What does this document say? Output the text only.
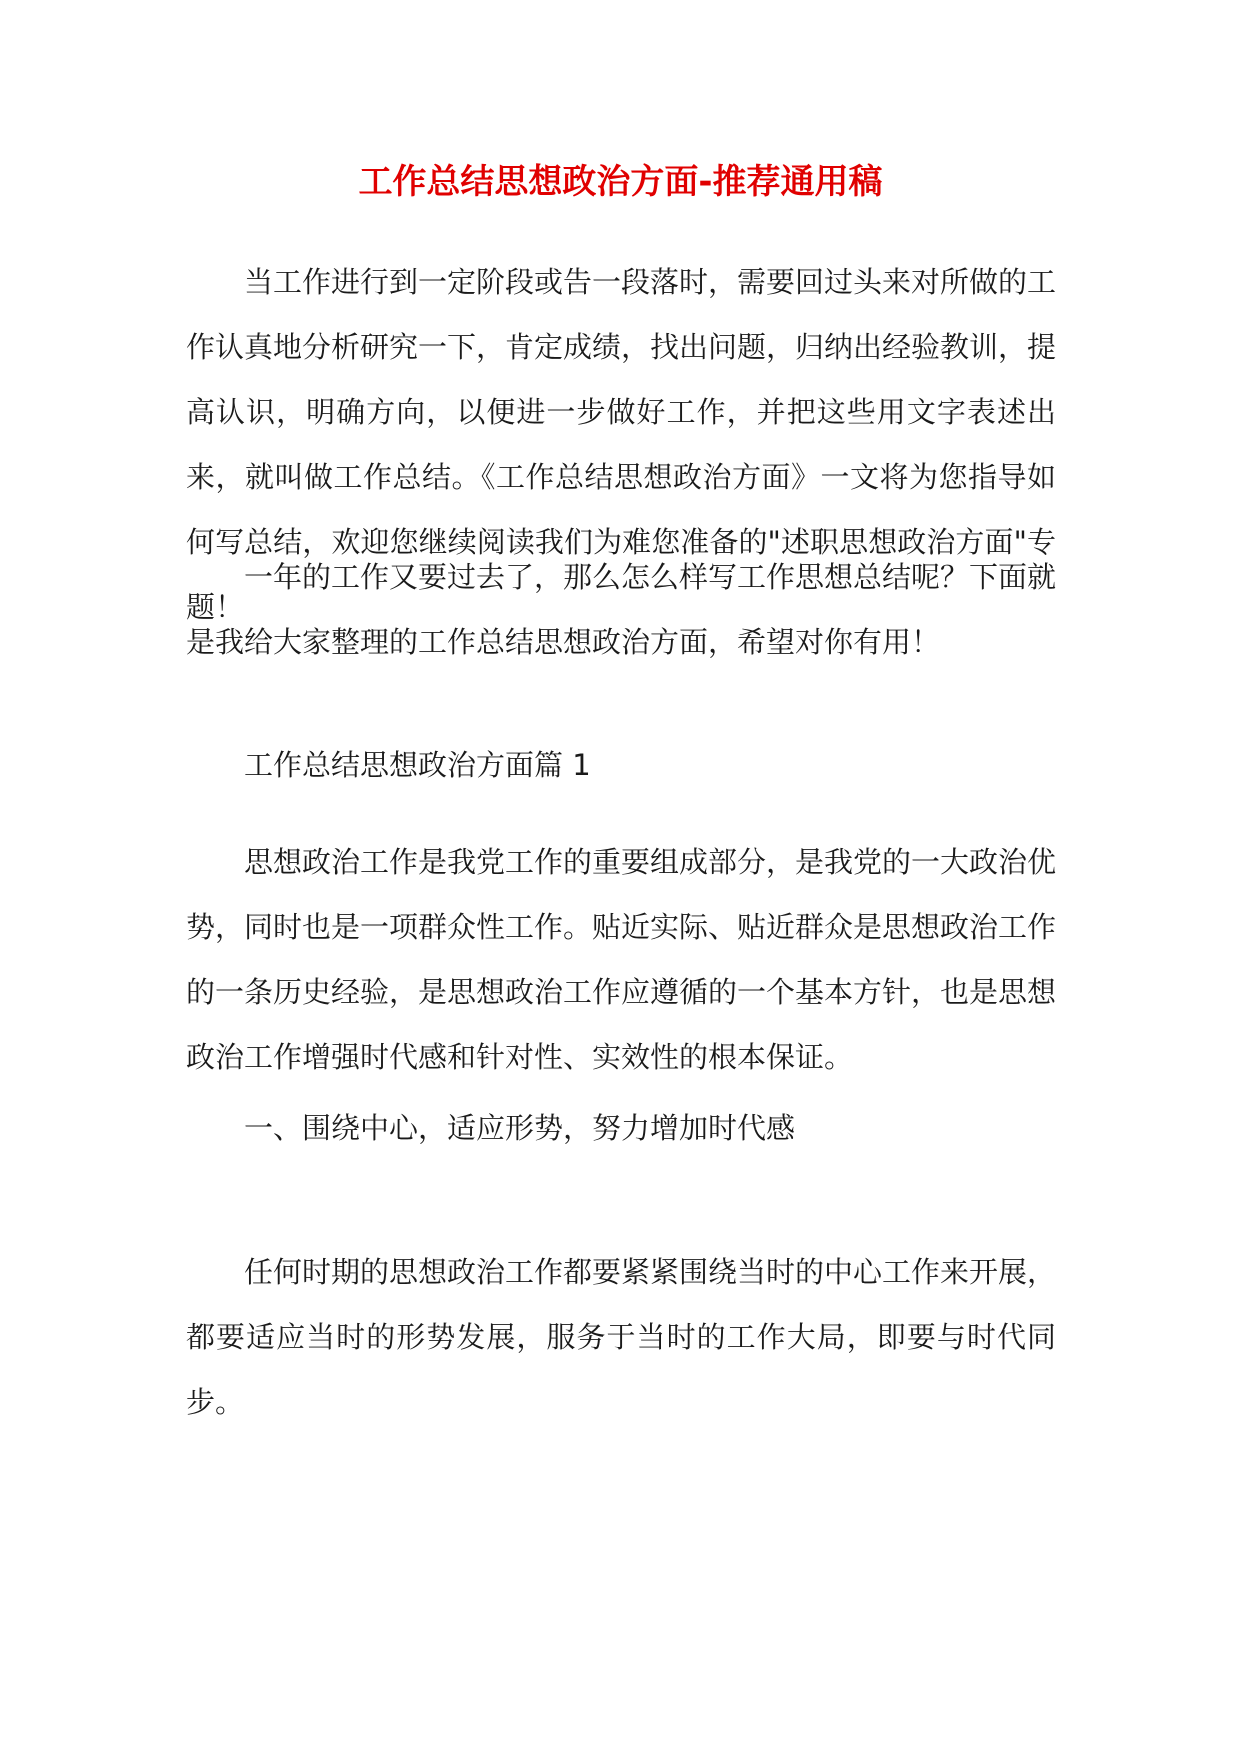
工作总结思想政治方面-推荐通用稿

当工作进行到一定阶段或告一段落时，需要回过头来对所做的工作认真地分析研究一下，肯定成绩，找出问题，归纳出经验教训，提高认识，明确方向，以便进一步做好工作，并把这些用文字表述出来，就叫做工作总结。《工作总结思想政治方面》一文将为您指导如何写总结，欢迎您继续阅读我们为难您准备的"述职思想政治方面"专题！

一年的工作又要过去了，那么怎么样写工作思想总结呢？下面就是我给大家整理的工作总结思想政治方面，希望对你有用！

工作总结思想政治方面篇 1

思想政治工作是我党工作的重要组成部分，是我党的一大政治优势，同时也是一项群众性工作。贴近实际、贴近群众是思想政治工作的一条历史经验，是思想政治工作应遵循的一个基本方针，也是思想政治工作增强时代感和针对性、实效性的根本保证。

一、围绕中心，适应形势，努力增加时代感

任何时期的思想政治工作都要紧紧围绕当时的中心工作来开展，都要适应当时的形势发展，服务于当时的工作大局，即要与时代同步。
